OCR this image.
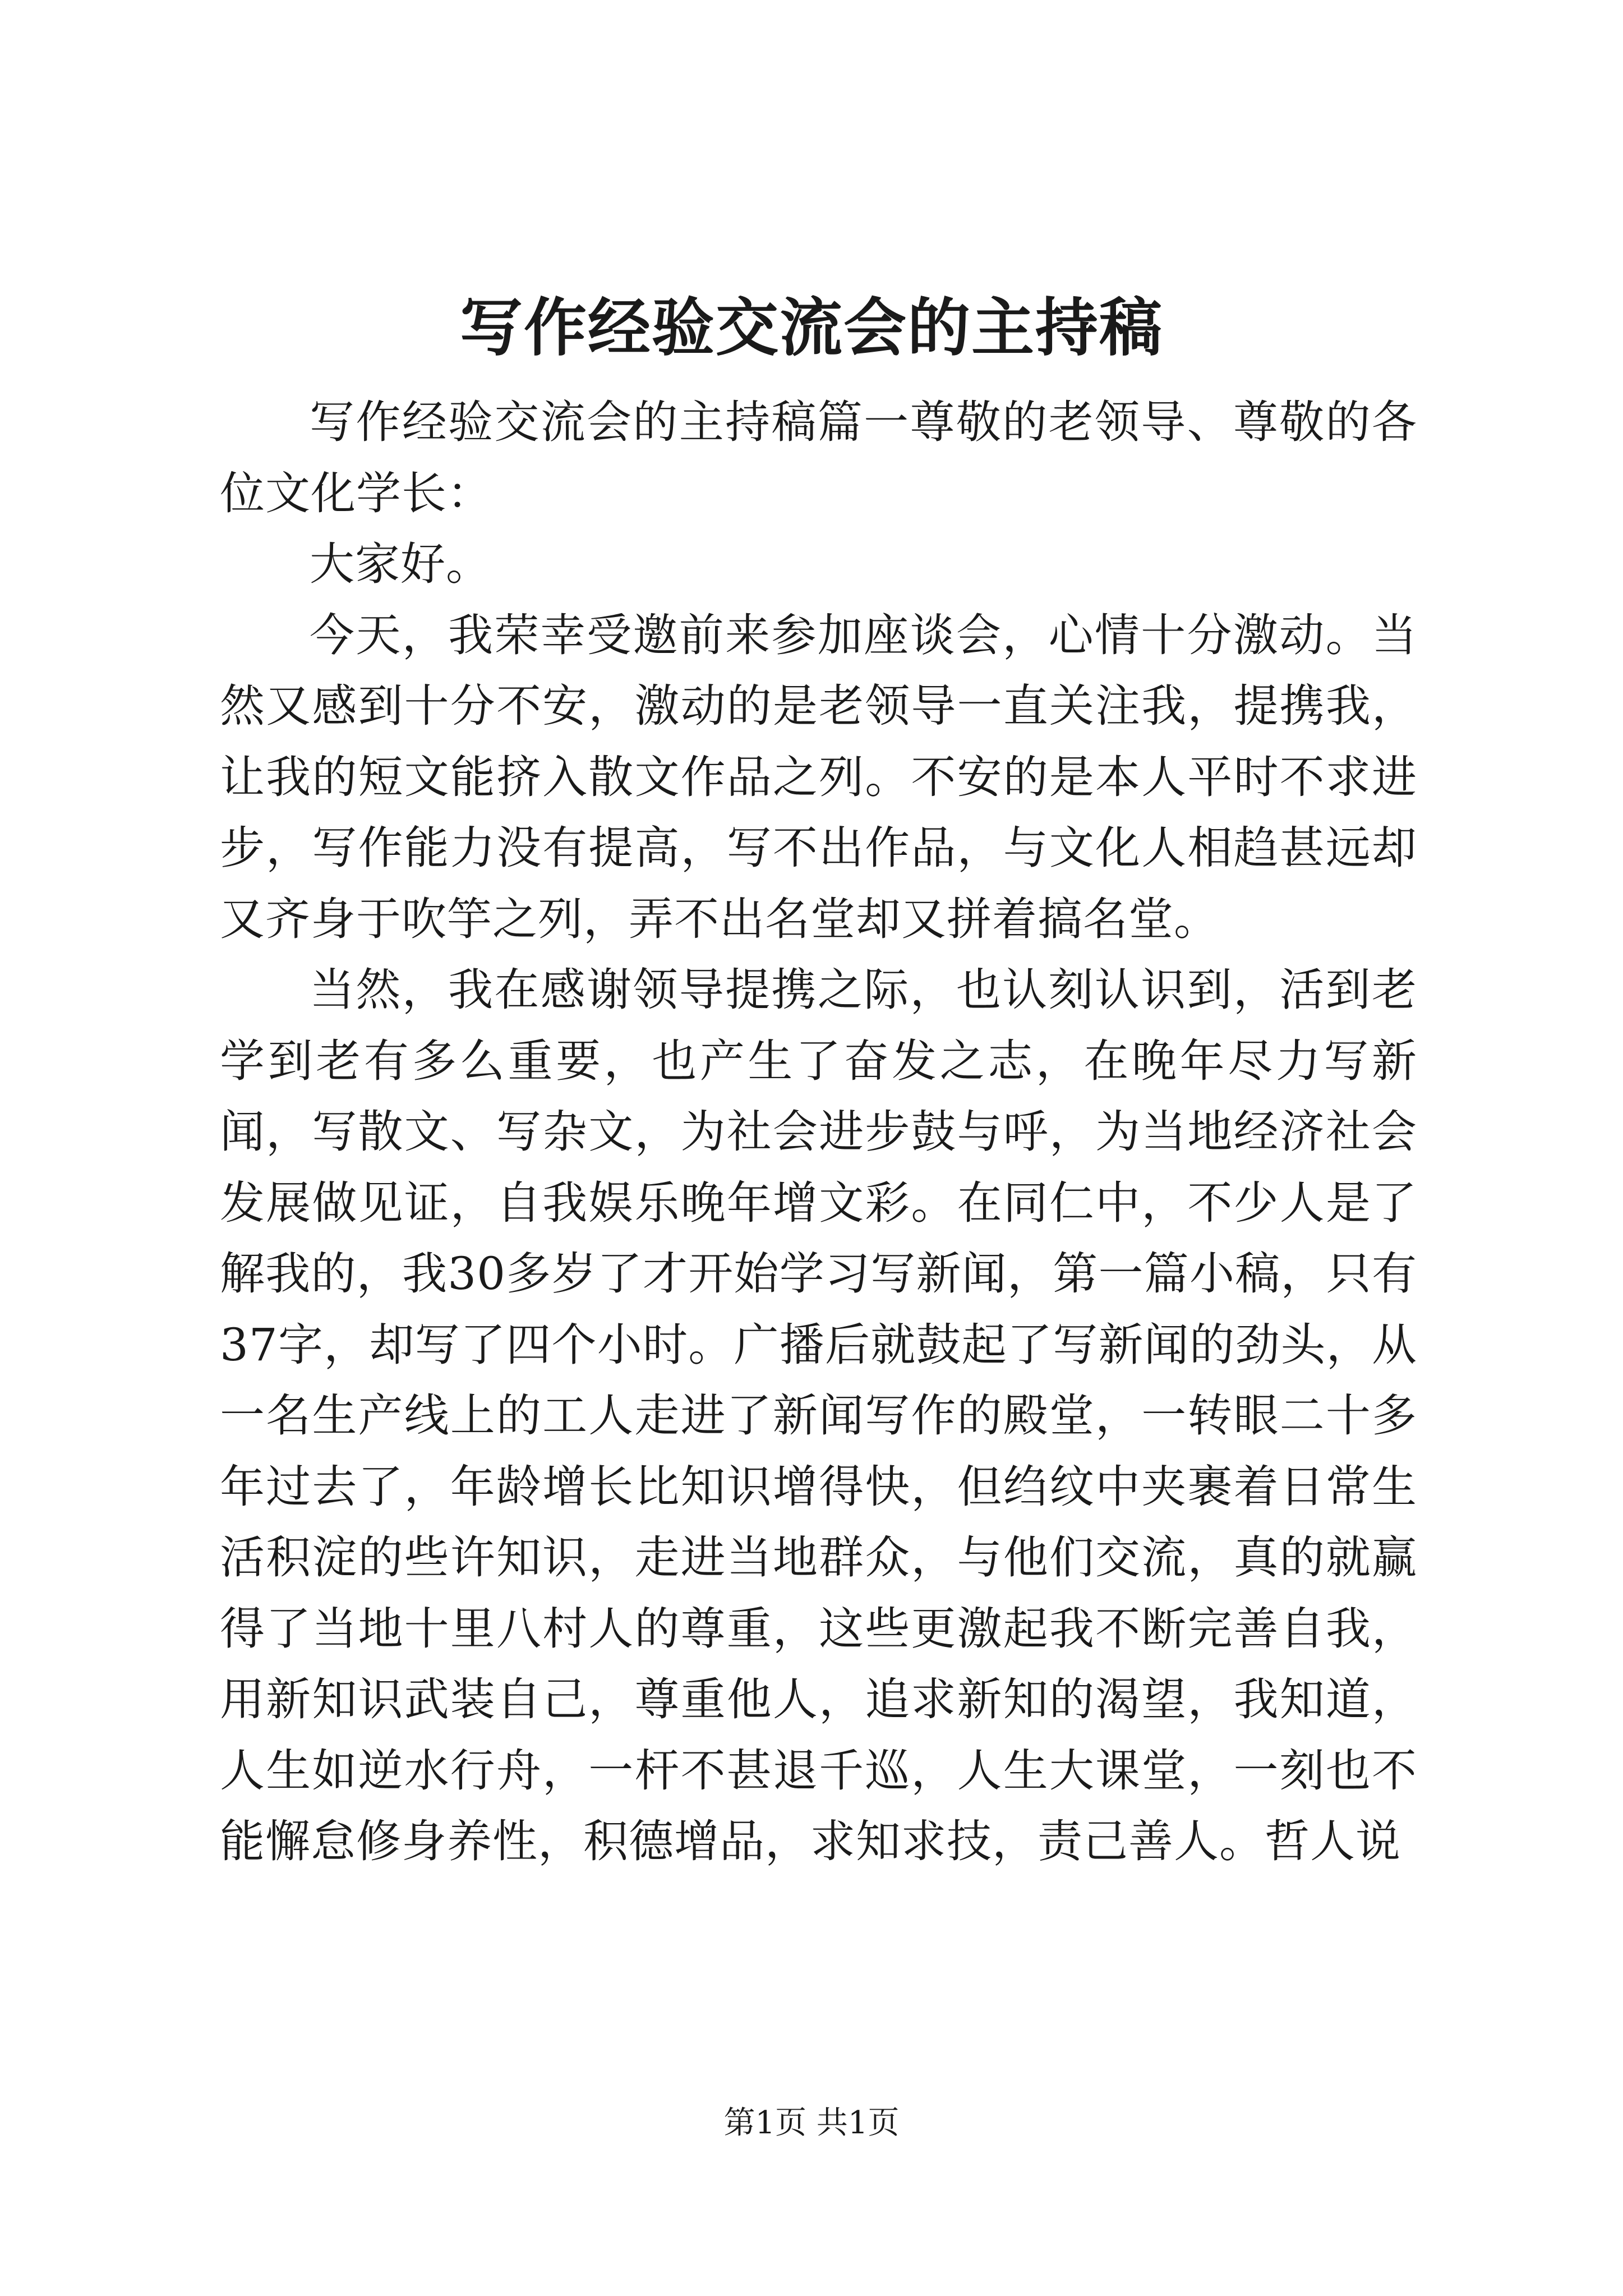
写作经验交流会的主持稿

写作经验交流会的主持稿篇一尊敬的老领导、尊敬的各位文化学长：

大家好。

今天，我荣幸受邀前来参加座谈会，心情十分激动。当然又感到十分不安，激动的是老领导一直关注我，提携我，让我的短文能挤入散文作品之列。不安的是本人平时不求进步，写作能力没有提高，写不出作品，与文化人相趋甚远却又齐身于吹竽之列，弄不出名堂却又拼着搞名堂。

当然，我在感谢领导提携之际，也认刻认识到，活到老学到老有多么重要，也产生了奋发之志，在晚年尽力写新闻，写散文、写杂文，为社会进步鼓与呼，为当地经济社会发展做见证，自我娱乐晚年增文彩。在同仁中，不少人是了解我的，我30多岁了才开始学习写新闻，第一篇小稿，只有37字，却写了四个小时。广播后就鼓起了写新闻的劲头，从一名生产线上的工人走进了新闻写作的殿堂，一转眼二十多年过去了，年龄增长比知识增得快，但绉纹中夹裹着日常生活积淀的些许知识，走进当地群众，与他们交流，真的就赢得了当地十里八村人的尊重，这些更激起我不断完善自我，用新知识武装自己，尊重他人，追求新知的渴望，我知道，人生如逆水行舟，一杆不甚退千巡，人生大课堂，一刻也不能懈怠修身养性，积德增品，求知求技，责己善人。哲人说

第1页 共1页
